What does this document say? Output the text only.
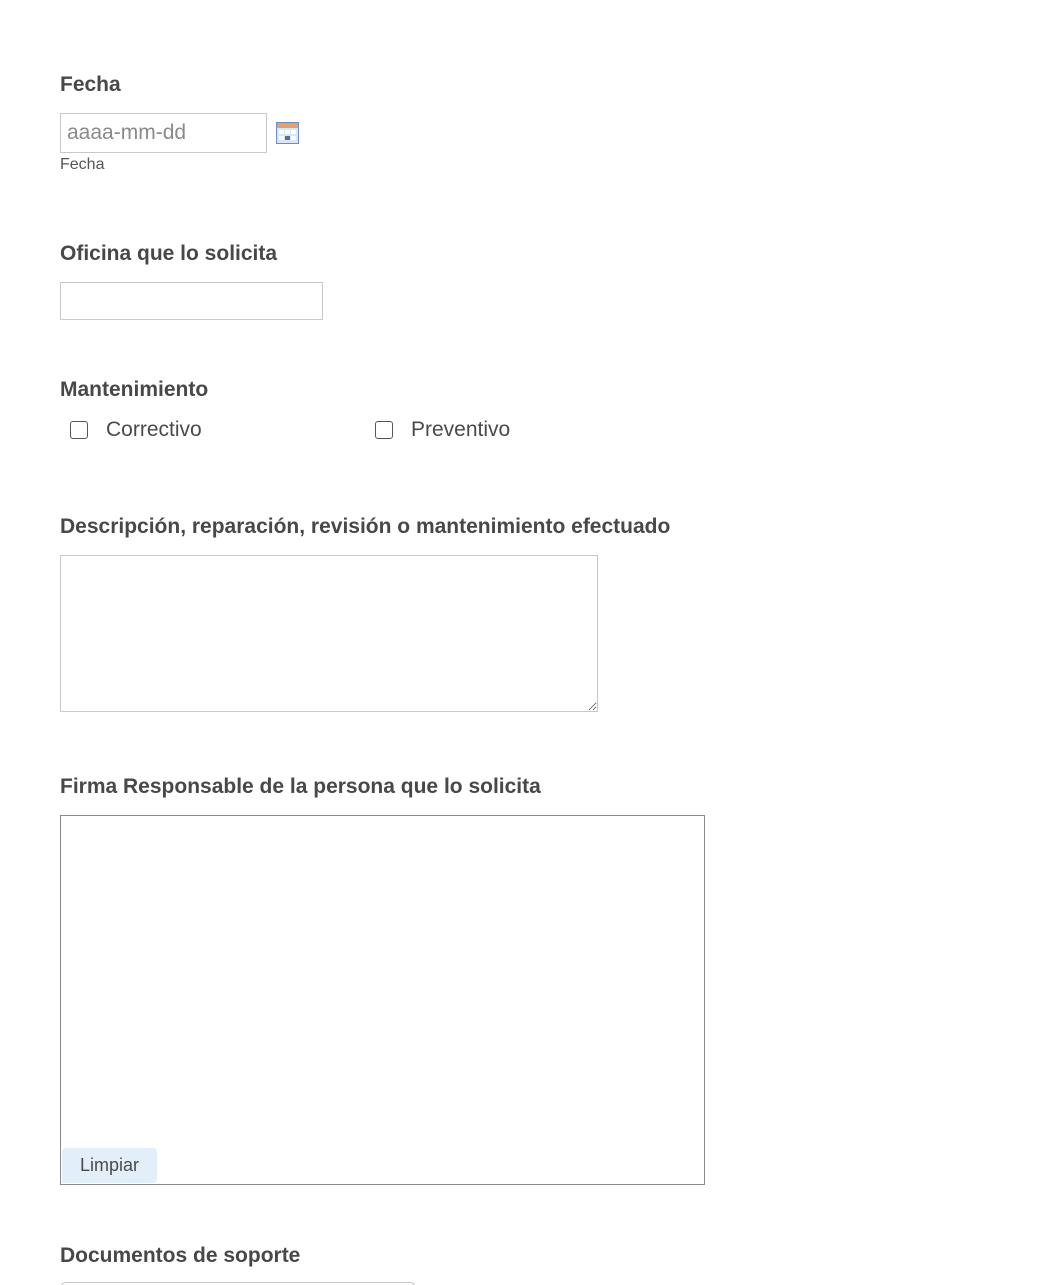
Fecha
aaaa-mm-dd
Fecha
Oficina que lo solicita
Mantenimiento
Correctivo	Preventivo
Descripción, reparación, revisión o mantenimiento efectuado
Firma Responsable de la persona que lo solicita
Limpiar
Documentos de soporte
